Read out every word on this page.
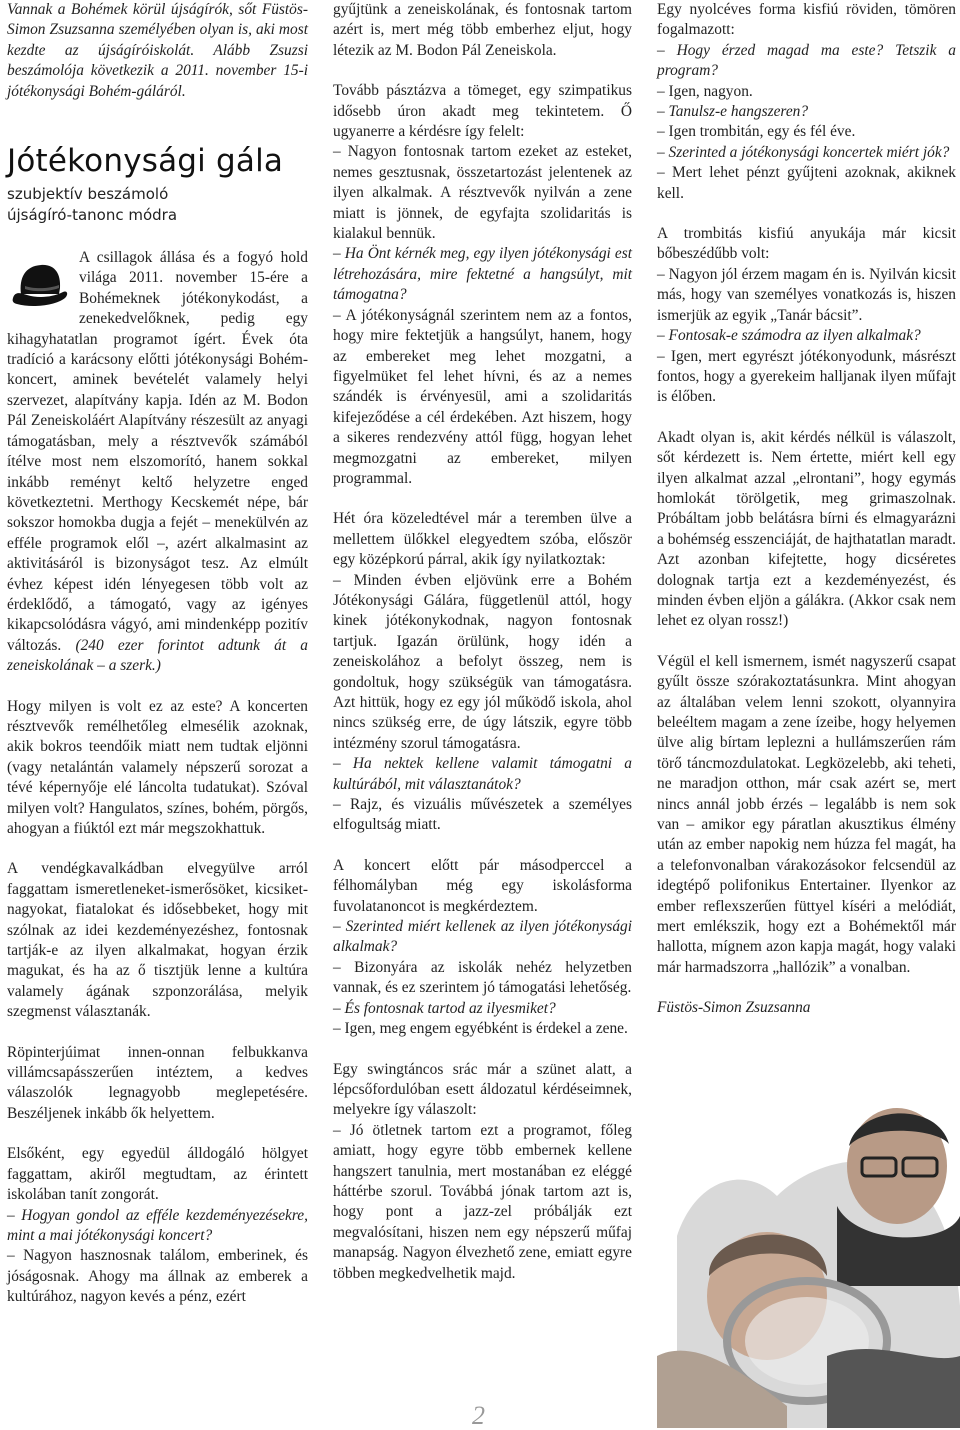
Vannak a Bohémek körül újságírók, sőt Füstös-Simon Zsuzsanna személyében olyan is, aki most kezdte az újságíróiskolát. Alább Zsuzsi beszámolója következik a 2011. november 15-i jótékonysági Bohém-gáláról.

Jótékonysági gála
szubjektív beszámoló
újságíró-tanonc módra

A csillagok állása és a fogyó hold világa 2011. november 15-ére a Bohémeknek jótékonykodást, a zenekedvelőknek, pedig egy kihagyhatatlan programot ígért. Évek óta tradíció a karácsony előtti jótékonysági Bohém-koncert, aminek bevételét valamely helyi szervezet, alapítvány kapja. Idén az M. Bodon Pál Zeneiskoláért Alapítvány részesült az anyagi támogatásban, mely a résztvevők számából ítélve most nem elszomorító, hanem sokkal inkább reményt keltő helyzetre enged következtetni. Merthogy Kecskemét népe, bár sokszor homokba dugja a fejét – menekülvén az efféle programok elől –, azért alkalmasint az aktivitásáról is bizonyságot tesz. Az elmúlt évhez képest idén lényegesen több volt az érdeklődő, a támogató, vagy az igényes kikapcsolódásra vágyó, ami mindenképp pozitív változás. (240 ezer forintot adtunk át a zeneiskolának – a szerk.)

Hogy milyen is volt ez az este? A koncerten résztvevők remélhetőleg elmesélik azoknak, akik bokros teendőik miatt nem tudtak eljönni (vagy netalántán valamely népszerű sorozat a tévé képernyője elé láncolta tudatukat). Szóval milyen volt? Hangulatos, színes, bohém, pörgős, ahogyan a fiúktól ezt már megszokhattuk.

A vendégkavalkádban elvegyülve arról faggattam ismeretleneket-ismerősöket, kicsiket-nagyokat, fiatalokat és idősebbeket, hogy mit szólnak az idei kezdeményezéshez, fontosnak tartják-e az ilyen alkalmakat, hogyan érzik magukat, és ha az ő tisztjük lenne a kultúra valamely ágának szponzorálása, melyik szegmenst választanák.

Röpinterjúimat innen-onnan felbukkanva villámcsapásszerűen intéztem, a kedves válaszolók legnagyobb meglepetésére. Beszéljenek inkább ők helyettem.

Elsőként, egy egyedül álldogáló hölgyet faggattam, akiről megtudtam, az érintett iskolában tanít zongorát.

– Hogyan gondol az efféle kezdeményezésekre, mint a mai jótékonysági koncert?

– Nagyon hasznosnak találom, emberinek, és jóságosnak. Ahogy ma állnak az emberek a kultúrához, nagyon kevés a pénz, ezért

gyűjtünk a zeneiskolának, és fontosnak tartom azért is, mert még több emberhez eljut, hogy létezik az M. Bodon Pál Zeneiskola.

Tovább pásztázva a tömeget, egy szimpatikus idősebb úron akadt meg tekintetem. Ő ugyanerre a kérdésre így felelt:

– Nagyon fontosnak tartom ezeket az esteket, nemes gesztusnak, összetartozást jelentenek az ilyen alkalmak. A résztvevők nyilván a zene miatt is jönnek, de egyfajta szolidaritás is kialakul bennük.

– Ha Önt kérnék meg, egy ilyen jótékonysági est létrehozására, mire fektetné a hangsúlyt, mit támogatna?

– A jótékonyságnál szerintem nem az a fontos, hogy mire fektetjük a hangsúlyt, hanem, hogy az embereket meg lehet mozgatni, a figyelmüket fel lehet hívni, és az a nemes szándék is érvényesül, ami a szolidaritás kifejeződése a cél érdekében. Azt hiszem, hogy a sikeres rendezvény attól függ, hogyan lehet megmozgatni az embereket, milyen programmal.

Hét óra közeledtével már a teremben ülve a mellettem ülőkkel elegyedtem szóba, először egy középkorú párral, akik így nyilatkoztak:

– Minden évben eljövünk erre a Bohém Jótékonysági Gálára, függetlenül attól, hogy kinek jótékonykodnak, nagyon fontosnak tartjuk. Igazán örülünk, hogy idén a zeneiskolához a befolyt összeg, nem is gondoltuk, hogy szükségük van támogatásra. Azt hittük, hogy ez egy jól működő iskola, ahol nincs szükség erre, de úgy látszik, egyre több intézmény szorul támogatásra.

– Ha nektek kellene valamit támogatni a kultúrából, mit választanátok?

– Rajz, és vizuális művészetek a személyes elfogultság miatt.

A koncert előtt pár másodperccel a félhomályban még egy iskolásforma fuvolatanoncot is megkérdeztem.

– Szerinted miért kellenek az ilyen jótékonysági alkalmak?

– Bizonyára az iskolák nehéz helyzetben vannak, és ez szerintem jó támogatási lehetőség.

– És fontosnak tartod az ilyesmiket?

– Igen, meg engem egyébként is érdekel a zene.

Egy swingtáncos srác már a szünet alatt, a lépcsőfordulóban esett áldozatul kérdéseimnek, melyekre így válaszolt:

– Jó ötletnek tartom ezt a programot, főleg amiatt, hogy egyre több embernek kellene hangszert tanulnia, mert mostanában ez eléggé háttérbe szorul. Továbbá jónak tartom azt is, hogy pont a jazz-zel próbálják ezt megvalósítani, hiszen nem egy népszerű műfaj manapság. Nagyon élvezhető zene, emiatt egyre többen megkedvelhetik majd.

Egy nyolcéves forma kisfiú röviden, tömören fogalmazott:

– Hogy érzed magad ma este? Tetszik a program?

– Igen, nagyon.

– Tanulsz-e hangszeren?

– Igen trombitán, egy és fél éve.

– Szerinted a jótékonysági koncertek miért jók?

– Mert lehet pénzt gyűjteni azoknak, akiknek kell.

A trombitás kisfiú anyukája már kicsit bőbeszédűbb volt:

– Nagyon jól érzem magam én is. Nyilván kicsit más, hogy van személyes vonatkozás is, hiszen ismerjük az egyik „Tanár bácsit”.

– Fontosak-e számodra az ilyen alkalmak?

– Igen, mert egyrészt jótékonyodunk, másrészt fontos, hogy a gyerekeim halljanak ilyen műfajt is élőben.

Akadt olyan is, akit kérdés nélkül is válaszolt, sőt kérdezett is. Nem értette, miért kell egy ilyen alkalmat azzal „elrontani”, hogy egymás homlokát törölgetik, meg grimaszolnak. Próbáltam jobb belátásra bírni és elmagyarázni a bohémség esszenciáját, de hajthatatlan maradt. Azt azonban kifejtette, hogy dicséretes dolognak tartja ezt a kezdeményezést, és minden évben eljön a gálákra. (Akkor csak nem lehet ez olyan rossz!)

Végül el kell ismernem, ismét nagyszerű csapat gyűlt össze szórakoztatásunkra. Mint ahogyan az általában velem lenni szokott, olyannyira beleéltem magam a zene ízeibe, hogy helyemen ülve alig bírtam leplezni a hullámszerűen rám törő táncmozdulatokat. Legközelebb, aki teheti, ne maradjon otthon, már csak azért se, mert nincs annál jobb érzés – legalább is nem sok van – amikor egy páratlan akusztikus élmény után az ember napokig nem húzza fel magát, ha a telefonvonalban várakozásokor felcsendül az idegtépő polifonikus Entertainer. Ilyenkor az ember reflexszerűen füttyel kíséri a melódiát, mert emlékszik, hogy ezt a Bohémektől már hallotta, mígnem azon kapja magát, hogy valaki már harmadszorra „hallózik” a vonalban.

Füstös-Simon Zsuzsanna

2
